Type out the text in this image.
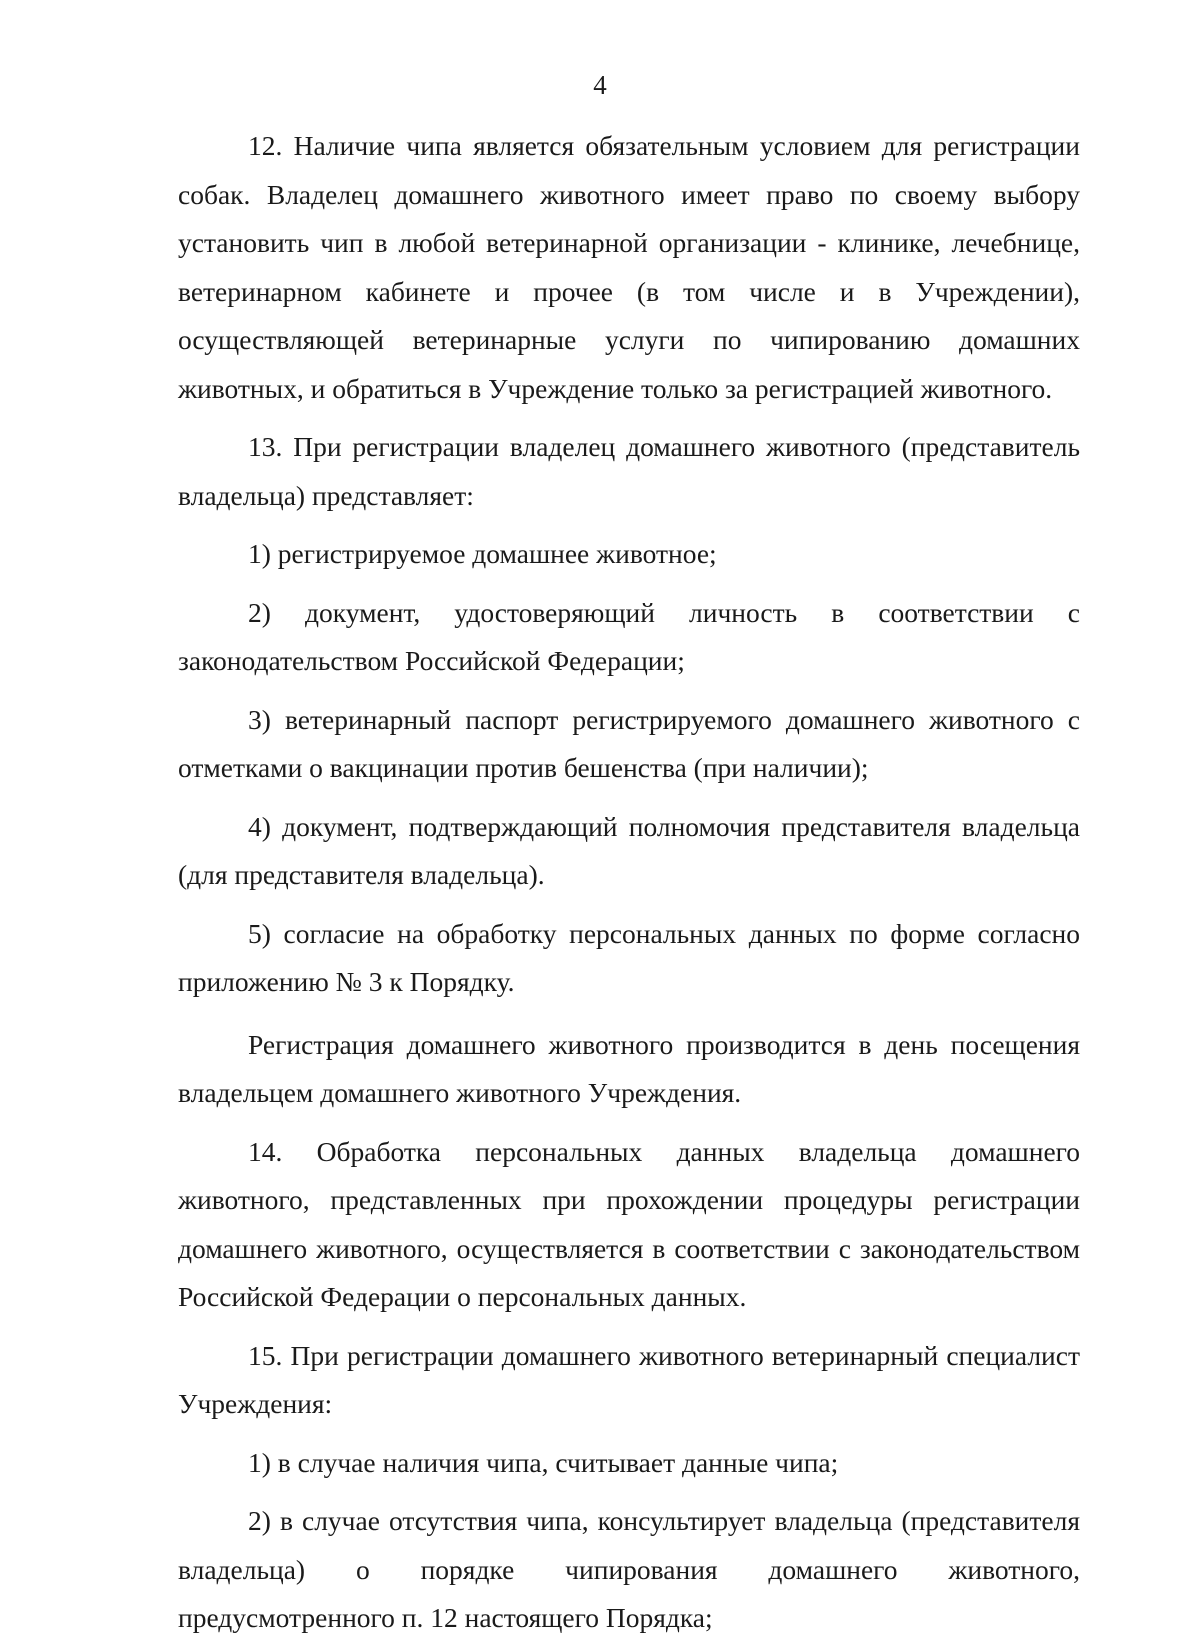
4

12. Наличие чипа является обязательным условием для регистрации собак. Владелец домашнего животного имеет право по своему выбору установить чип в любой ветеринарной организации - клинике, лечебнице, ветеринарном кабинете и прочее (в том числе и в Учреждении), осуществляющей ветеринарные услуги по чипированию домашних животных, и обратиться в Учреждение только за регистрацией животного.

13. При регистрации владелец домашнего животного (представитель владельца) представляет:

1) регистрируемое домашнее животное;

2) документ, удостоверяющий личность в соответствии с законодательством Российской Федерации;

3) ветеринарный паспорт регистрируемого домашнего животного с отметками о вакцинации против бешенства (при наличии);

4) документ, подтверждающий полномочия представителя владельца (для представителя владельца).

5) согласие на обработку персональных данных по форме согласно приложению № 3 к Порядку.

Регистрация домашнего животного производится в день посещения владельцем домашнего животного Учреждения.

14. Обработка персональных данных владельца домашнего животного, представленных при прохождении процедуры регистрации домашнего животного, осуществляется в соответствии с законодательством Российской Федерации о персональных данных.

15. При регистрации домашнего животного ветеринарный специалист Учреждения:

1) в случае наличия чипа, считывает данные чипа;

2) в случае отсутствия чипа, консультирует владельца (представителя владельца) о порядке чипирования домашнего животного, предусмотренного п. 12 настоящего Порядка;
